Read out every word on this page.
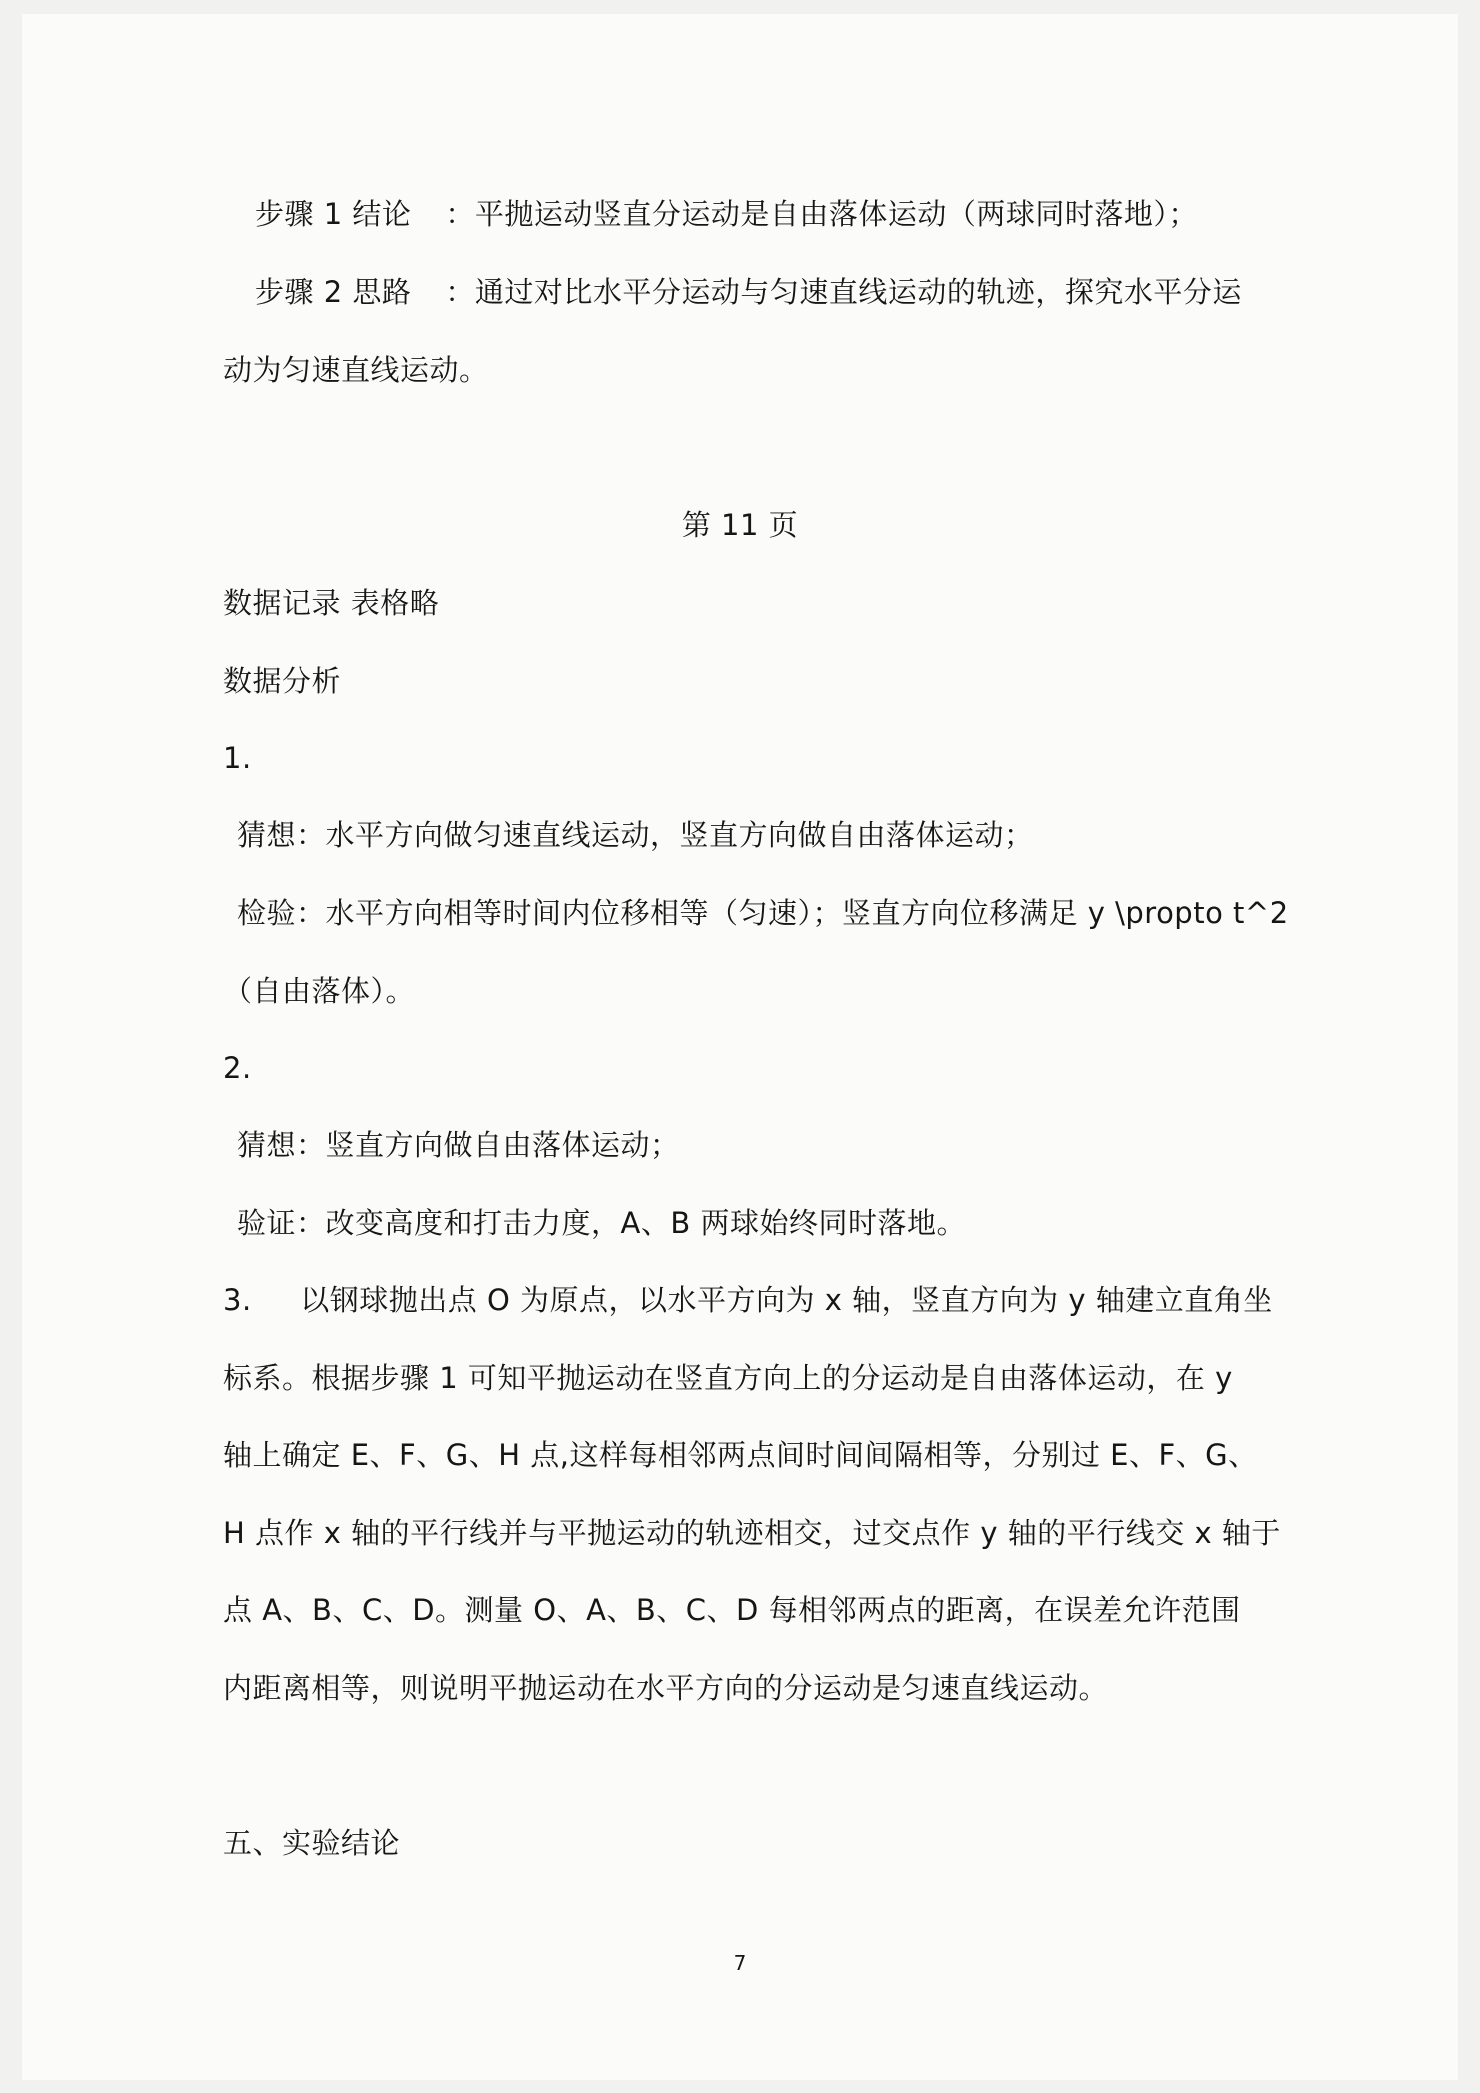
步骤 1 结论 ：平抛运动竖直分运动是自由落体运动（两球同时落地）；
步骤 2 思路 ：通过对比水平分运动与匀速直线运动的轨迹，探究水平分运
动为匀速直线运动。
第 11 页
数据记录 表格略
数据分析
1.
猜想：水平方向做匀速直线运动，竖直方向做自由落体运动；
检验：水平方向相等时间内位移相等（匀速）；竖直方向位移满足 y \propto t^2
（自由落体）。
2.
猜想：竖直方向做自由落体运动；
验证：改变高度和打击力度，A、B 两球始终同时落地。
3.     以钢球抛出点 O 为原点，以水平方向为 x 轴，竖直方向为 y 轴建立直角坐
标系。根据步骤 1 可知平抛运动在竖直方向上的分运动是自由落体运动，在 y
轴上确定 E、F、G、H 点,这样每相邻两点间时间间隔相等，分别过 E、F、G、
H 点作 x 轴的平行线并与平抛运动的轨迹相交，过交点作 y 轴的平行线交 x 轴于
点 A、B、C、D。测量 O、A、B、C、D 每相邻两点的距离，在误差允许范围
内距离相等，则说明平抛运动在水平方向的分运动是匀速直线运动。
五、实验结论
7
